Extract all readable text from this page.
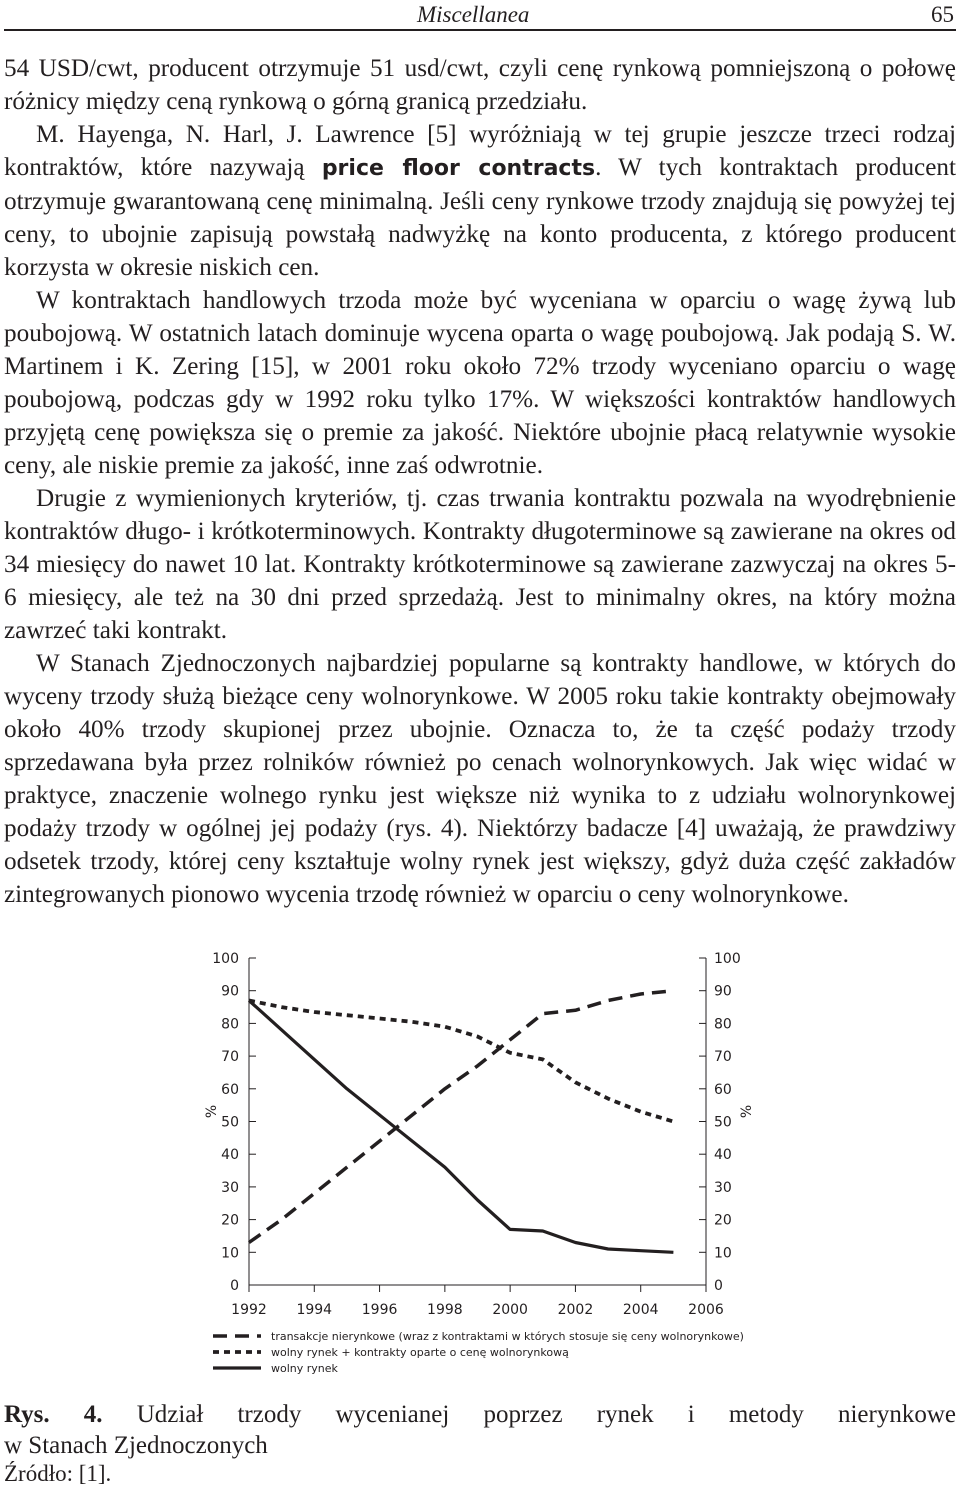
Miscellanea	65

54 USD/cwt, producent otrzymuje 51 usd/cwt, czyli cenę rynkową pomniejszoną o połowę różnicy między ceną rynkową o górną granicą przedziału.

M. Hayenga, N. Harl, J. Lawrence [5] wyróżniają w tej grupie jeszcze trzeci rodzaj kontraktów, które nazywają price floor contracts. W tych kontraktach producent otrzymuje gwarantowaną cenę minimalną. Jeśli ceny rynkowe trzody znajdują się powyżej tej ceny, to ubojnie zapisują powstałą nadwyżkę na konto producenta, z którego producent korzysta w okresie niskich cen.

W kontraktach handlowych trzoda może być wyceniana w oparciu o wagę żywą lub poubojową. W ostatnich latach dominuje wycena oparta o wagę poubojową. Jak podają S. W. Martinem i K. Zering [15], w 2001 roku około 72% trzody wyceniano oparciu o wagę poubojową, podczas gdy w 1992 roku tylko 17%. W większości kontraktów handlowych przyjętą cenę powiększa się o premie za jakość. Niektóre ubojnie płacą relatywnie wysokie ceny, ale niskie premie za jakość, inne zaś odwrotnie.

Drugie z wymienionych kryteriów, tj. czas trwania kontraktu pozwala na wyodrębnienie kontraktów długo- i krótkoterminowych. Kontrakty długoterminowe są zawierane na okres od 34 miesięcy do nawet 10 lat. Kontrakty krótkoterminowe są zawierane zazwyczaj na okres 5-6 miesięcy, ale też na 30 dni przed sprzedażą. Jest to minimalny okres, na który można zawrzeć taki kontrakt.

W Stanach Zjednoczonych najbardziej popularne są kontrakty handlowe, w których do wyceny trzody służą bieżące ceny wolnorynkowe. W 2005 roku takie kontrakty obejmowały około 40% trzody skupionej przez ubojnie. Oznacza to, że ta część podaży trzody sprzedawana była przez rolników również po cenach wolnorynkowych. Jak więc widać w praktyce, znaczenie wolnego rynku jest większe niż wynika to z udziału wolnorynkowej podaży trzody w ogólnej jej podaży (rys. 4). Niektórzy badacze [4] uważają, że prawdziwy odsetek trzody, której ceny kształtuje wolny rynek jest większy, gdyż duża część zakładów zintegrowanych pionowo wycenia trzodę również w oparciu o ceny wolnorynkowe.

0	0
10	10
20	20
30	30
40	40
50	50
60	60
70	70
80	80
90	90
100	100
1992 1994 1996 1998 2000 2002 2004 2006
%	%
transakcje nierynkowe (wraz z kontraktami w których stosuje się ceny wolnorynkowe)
wolny rynek + kontrakty oparte o cenę wolnorynkową
wolny rynek
Rys. 4. Udział trzody wycenianej poprzez rynek i metody nierynkowe
w Stanach Zjednoczonych
Źródło: [1].
